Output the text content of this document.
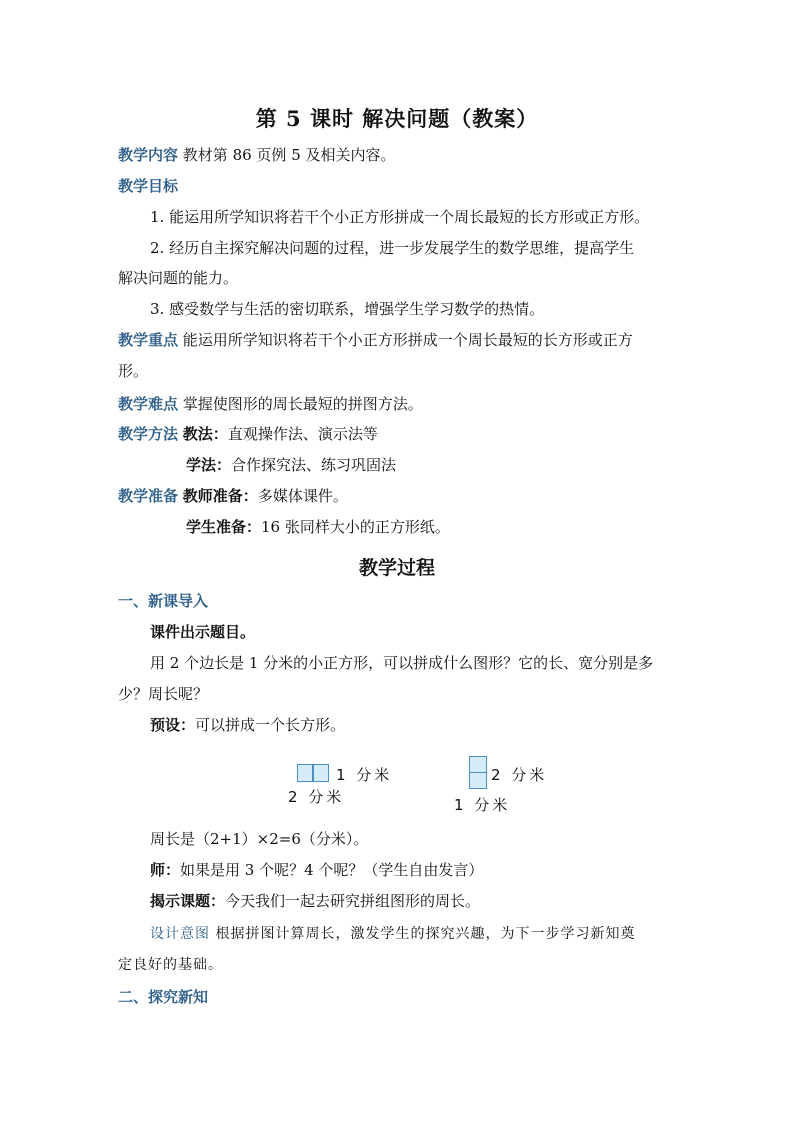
第 5 课时 解决问题（教案）
教学内容 教材第 86 页例 5 及相关内容。
教学目标
1. 能运用所学知识将若干个小正方形拼成一个周长最短的长方形或正方形。
2. 经历自主探究解决问题的过程，进一步发展学生的数学思维，提高学生
解决问题的能力。
3. 感受数学与生活的密切联系，增强学生学习数学的热情。
教学重点 能运用所学知识将若干个小正方形拼成一个周长最短的长方形或正方
形。
教学难点 掌握使图形的周长最短的拼图方法。
教学方法 教法：直观操作法、演示法等
学法：合作探究法、练习巩固法
教学准备 教师准备：多媒体课件。
学生准备：16 张同样大小的正方形纸。
教学过程
一、新课导入
课件出示题目。
用 2 个边长是 1 分米的小正方形，可以拼成什么图形？它的长、宽分别是多
少？周长呢？
预设：可以拼成一个长方形。
1 分米
2 分米
2 分米
1 分米
周长是（2+1）×2=6（分米）。
师：如果是用 3 个呢？4 个呢？（学生自由发言）
揭示课题：今天我们一起去研究拼组图形的周长。
设计意图 根据拼图计算周长，激发学生的探究兴趣，为下一步学习新知奠
定良好的基础。
二、探究新知
